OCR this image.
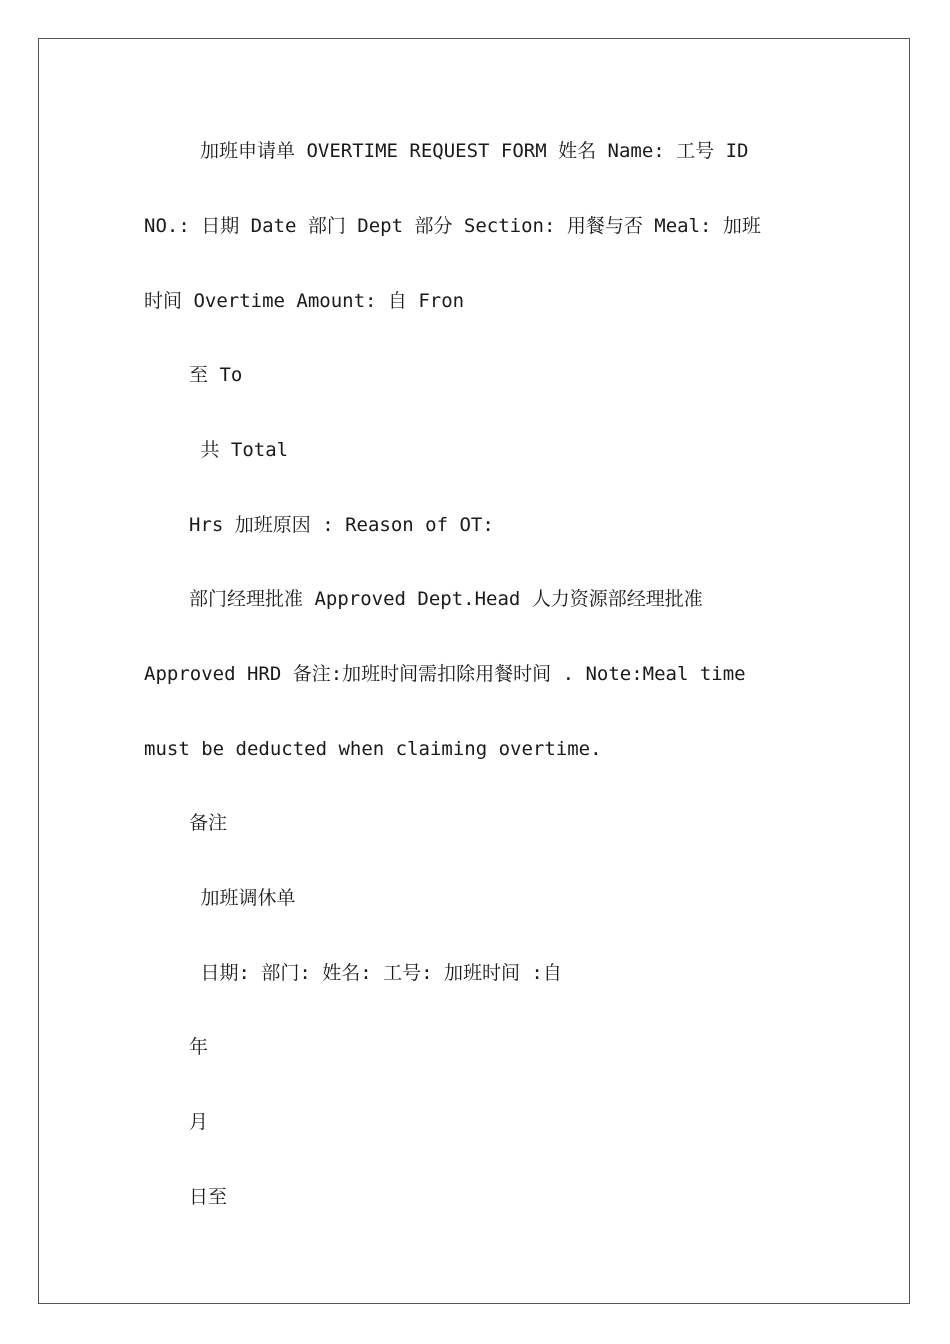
加班申请单 OVERTIME REQUEST FORM 姓名 Name: 工号 ID
NO.: 日期 Date 部门 Dept 部分 Section: 用餐与否 Meal: 加班
时间 Overtime Amount: 自 Fron
至 To
共 Total
Hrs 加班原因 : Reason of OT:
部门经理批准 Approved Dept.Head 人力资源部经理批准
Approved HRD 备注:加班时间需扣除用餐时间 . Note:Meal time
must be deducted when claiming overtime.
备注
加班调休单
日期: 部门: 姓名: 工号: 加班时间 :自
年
月
日至
